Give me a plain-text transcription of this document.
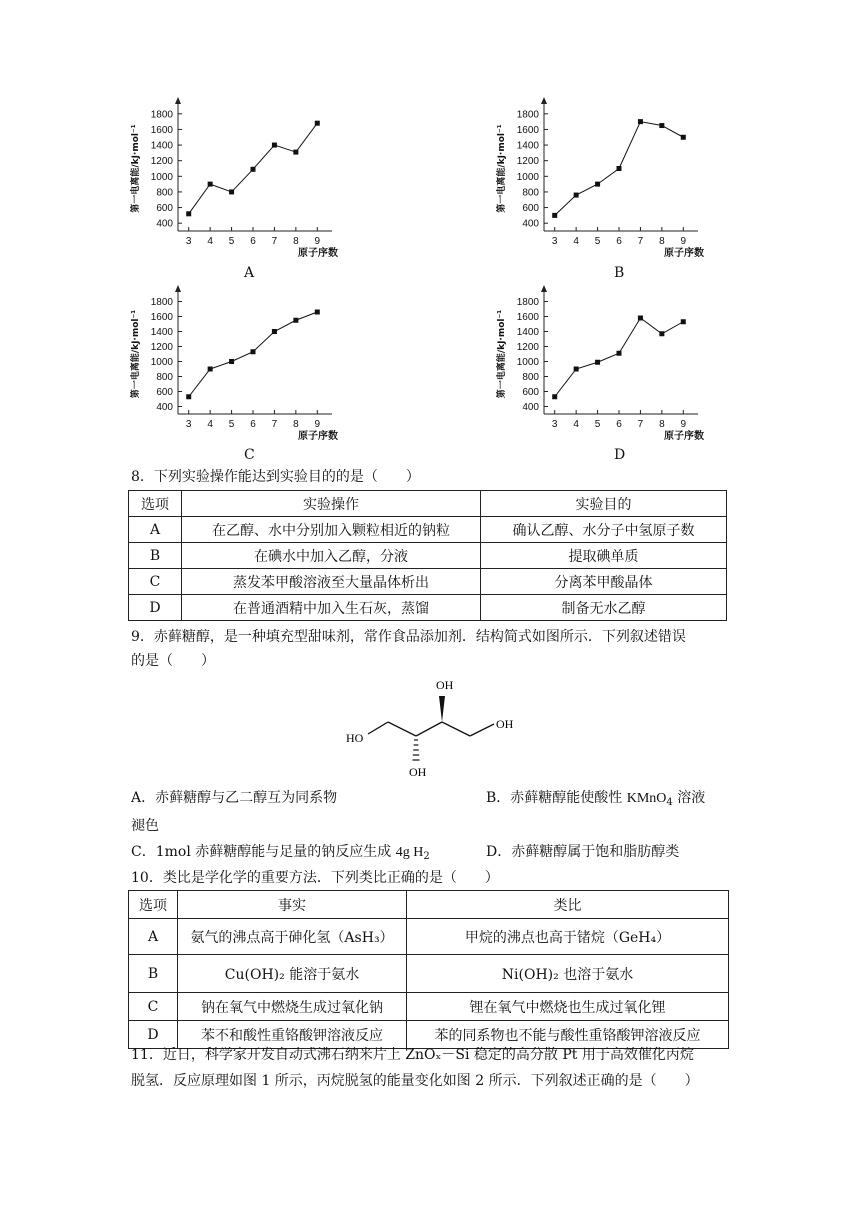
400
600
800
1000
1200
1400
1600
1800
3 4 5 6 7 8 9
原子序数
第一电离能/kJ·mol⁻¹
A
400
600
800
1000
1200
1400
1600
1800
3 4 5 6 7 8 9
原子序数
第一电离能/kJ·mol⁻¹
B
400
600
800
1000
1200
1400
1600
1800
3 4 5 6 7 8 9
原子序数
第一电离能/kJ·mol⁻¹
C
400
600
800
1000
1200
1400
1600
1800
3 4 5 6 7 8 9
原子序数
第一电离能/kJ·mol⁻¹
D
8．下列实验操作能达到实验目的的是（　　）
选项	实验操作	实验目的
A	在乙醇、水中分别加入颗粒相近的钠粒	确认乙醇、水分子中氢原子数
B	在碘水中加入乙醇，分液	提取碘单质
C	蒸发苯甲酸溶液至大量晶体析出	分离苯甲酸晶体
D	在普通酒精中加入生石灰，蒸馏	制备无水乙醇
9．赤藓糖醇，是一种填充型甜味剂，常作食品添加剂．结构简式如图所示．下列叙述错误
的是（　　）
OH
OH
HO
OH
A．赤藓糖醇与乙二醇互为同系物	B．赤藓糖醇能使酸性 KMnO$_4$ 溶液
褪色
C．1mol 赤藓糖醇能与足量的钠反应生成 4g $H_2$	D．赤藓糖醇属于饱和脂肪醇类
10．类比是学化学的重要方法．下列类比正确的是（　　）
选项	事实	类比
A	氨气的沸点高于砷化氢（AsH₃）	甲烷的沸点也高于锗烷（GeH₄）
B	Cu(OH)₂ 能溶于氨水	Ni(OH)₂ 也溶于氨水
C	钠在氧气中燃烧生成过氧化钠	锂在氧气中燃烧也生成过氧化锂
D	苯不和酸性重铬酸钾溶液反应	苯的同系物也不能与酸性重铬酸钾溶液反应
11．近日，科学家开发自动式沸石纳米片上 ZnOₓ－Si 稳定的高分散 Pt 用于高效催化丙烷
脱氢．反应原理如图 1 所示，丙烷脱氢的能量变化如图 2 所示．下列叙述正确的是（　　）
